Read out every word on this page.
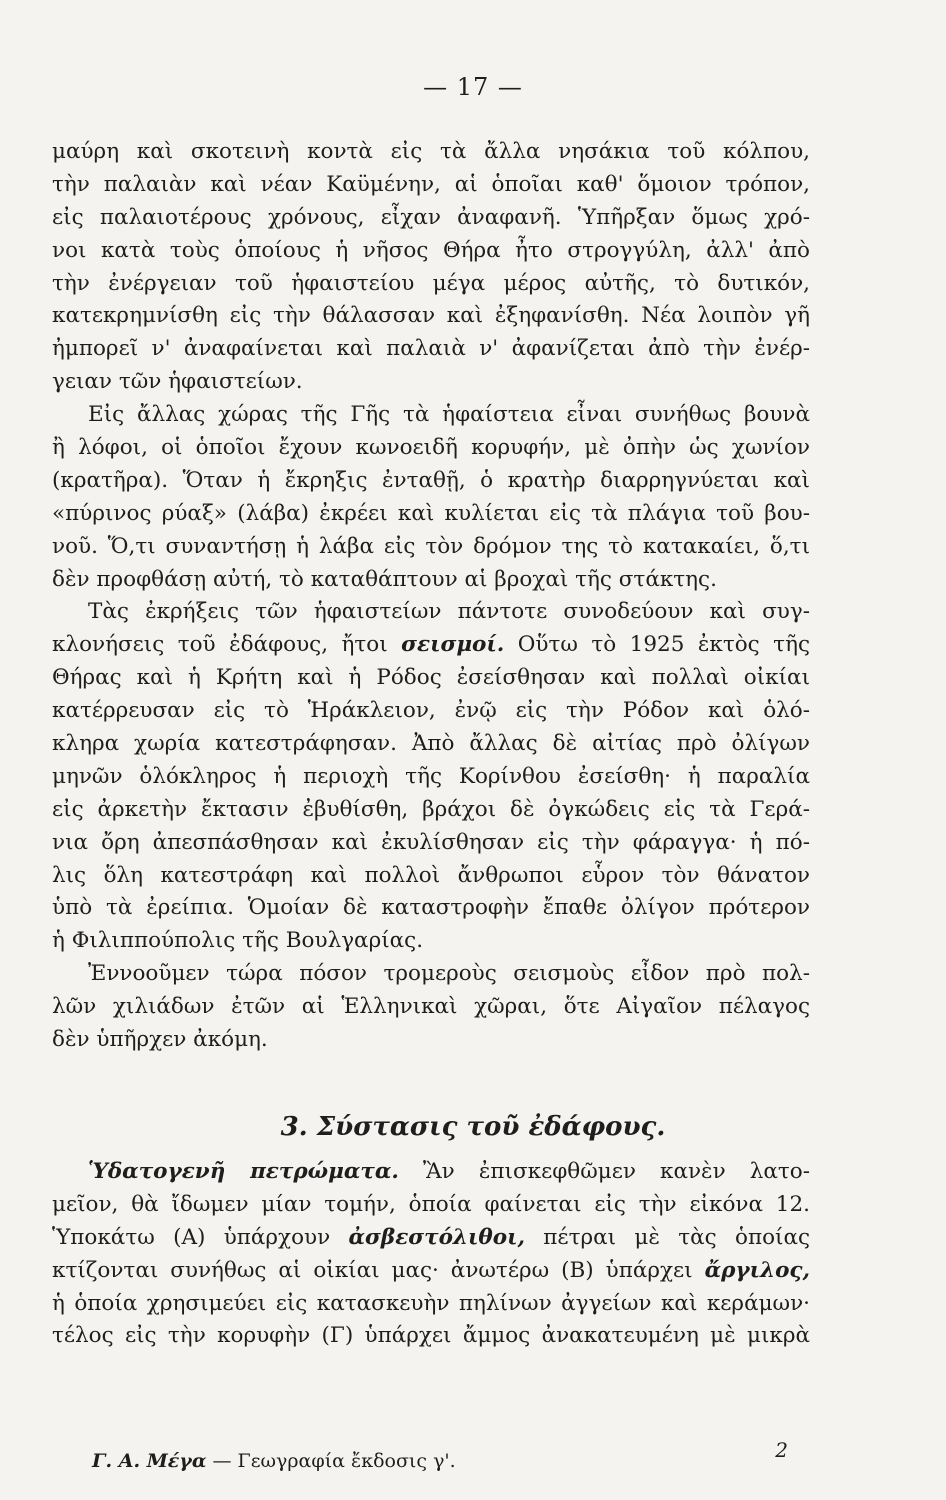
— 17 —
μαύρη καὶ σκοτεινὴ κοντὰ εἰς τὰ ἄλλα νησάκια τοῦ κόλπου,
τὴν παλαιὰν καὶ νέαν Καϋμένην, αἱ ὁποῖαι καθ' ὅμοιον τρόπον,
εἰς παλαιοτέρους χρόνους, εἶχαν ἀναφανῆ. Ὑπῆρξαν ὅμως χρό-
νοι κατὰ τοὺς ὁποίους ἡ νῆσος Θήρα ἦτο στρογγύλη, ἀλλ' ἀπὸ
τὴν ἐνέργειαν τοῦ ἡφαιστείου μέγα μέρος αὐτῆς, τὸ δυτικόν,
κατεκρημνίσθη εἰς τὴν θάλασσαν καὶ ἐξηφανίσθη. Νέα λοιπὸν γῆ
ἠμπορεῖ ν' ἀναφαίνεται καὶ παλαιὰ ν' ἀφανίζεται ἀπὸ τὴν ἐνέρ-
γειαν τῶν ἡφαιστείων.
Εἰς ἄλλας χώρας τῆς Γῆς τὰ ἡφαίστεια εἶναι συνήθως βουνὰ
ἢ λόφοι, οἱ ὁποῖοι ἔχουν κωνοειδῆ κορυφήν, μὲ ὀπὴν ὡς χωνίον
(κρατῆρα). Ὅταν ἡ ἔκρηξις ἐνταθῇ, ὁ κρατὴρ διαρρηγνύεται καὶ
«πύρινος ρύαξ» (λάβα) ἐκρέει καὶ κυλίεται εἰς τὰ πλάγια τοῦ βου-
νοῦ. Ὅ,τι συναντήσῃ ἡ λάβα εἰς τὸν δρόμον της τὸ κατακαίει, ὅ,τι
δὲν προφθάσῃ αὐτή, τὸ καταθάπτουν αἱ βροχαὶ τῆς στάκτης.
Τὰς ἐκρήξεις τῶν ἡφαιστείων πάντοτε συνοδεύουν καὶ συγ-
κλονήσεις τοῦ ἐδάφους, ἤτοι σεισμοί. Οὕτω τὸ 1925 ἐκτὸς τῆς
Θήρας καὶ ἡ Κρήτη καὶ ἡ Ρόδος ἐσείσθησαν καὶ πολλαὶ οἰκίαι
κατέρρευσαν εἰς τὸ Ἡράκλειον, ἐνῷ εἰς τὴν Ρόδον καὶ ὁλό-
κληρα χωρία κατεστράφησαν. Ἀπὸ ἄλλας δὲ αἰτίας πρὸ ὀλίγων
μηνῶν ὁλόκληρος ἡ περιοχὴ τῆς Κορίνθου ἐσείσθη· ἡ παραλία
εἰς ἀρκετὴν ἔκτασιν ἐβυθίσθη, βράχοι δὲ ὀγκώδεις εἰς τὰ Γερά-
νια ὄρη ἀπεσπάσθησαν καὶ ἐκυλίσθησαν εἰς τὴν φάραγγα· ἡ πό-
λις ὅλη κατεστράφη καὶ πολλοὶ ἄνθρωποι εὗρον τὸν θάνατον
ὑπὸ τὰ ἐρείπια. Ὁμοίαν δὲ καταστροφὴν ἔπαθε ὀλίγον πρότερον
ἡ Φιλιππούπολις τῆς Βουλγαρίας.
Ἐννοοῦμεν τώρα πόσον τρομεροὺς σεισμοὺς εἶδον πρὸ πολ-
λῶν χιλιάδων ἐτῶν αἱ Ἑλληνικαὶ χῶραι, ὅτε Αἰγαῖον πέλαγος
δὲν ὑπῆρχεν ἀκόμη.
3. Σύστασις τοῦ ἐδάφους.
Ὑδατογενῆ πετρώματα. Ἂν ἐπισκεφθῶμεν κανὲν λατο-
μεῖον, θὰ ἴδωμεν μίαν τομήν, ὁποία φαίνεται εἰς τὴν εἰκόνα 12.
Ὑποκάτω (Α) ὑπάρχουν ἀσβεστόλιθοι, πέτραι μὲ τὰς ὁποίας
κτίζονται συνήθως αἱ οἰκίαι μας· ἀνωτέρω (Β) ὑπάρχει ἄργιλος,
ἡ ὁποία χρησιμεύει εἰς κατασκευὴν πηλίνων ἀγγείων καὶ κεράμων·
τέλος εἰς τὴν κορυφὴν (Γ) ὑπάρχει ἄμμος ἀνακατευμένη μὲ μικρὰ
Γ. Α. Μέγα — Γεωγραφία ἔκδοσις γ'.	2
